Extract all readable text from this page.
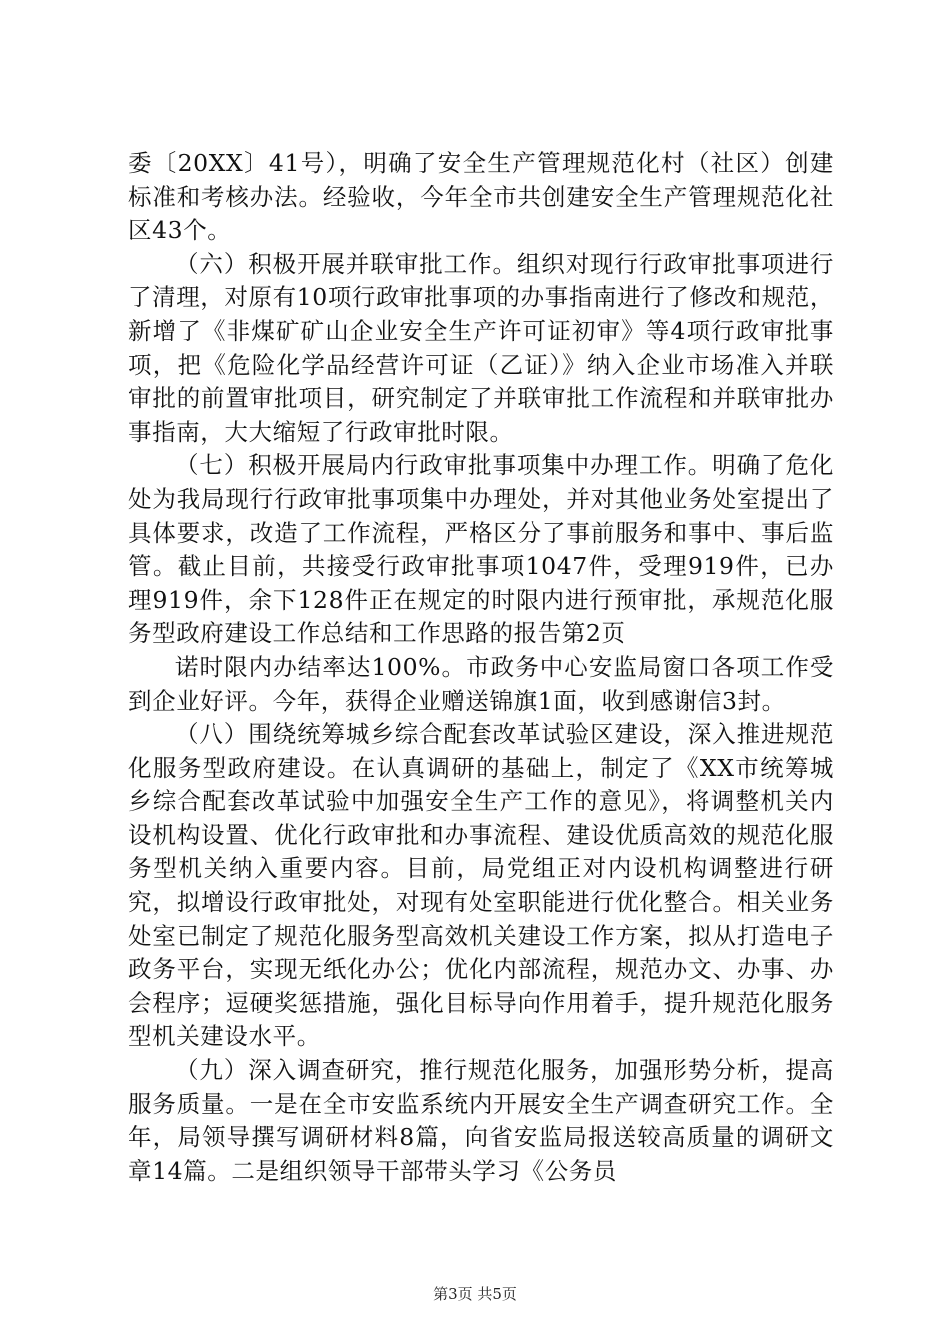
委〔20XX〕41号），明确了安全生产管理规范化村（社区）创建标准和考核办法。经验收，今年全市共创建安全生产管理规范化社区43个。

（六）积极开展并联审批工作。组织对现行行政审批事项进行了清理，对原有10项行政审批事项的办事指南进行了修改和规范，新增了《非煤矿矿山企业安全生产许可证初审》等4项行政审批事项，把《危险化学品经营许可证（乙证）》纳入企业市场准入并联审批的前置审批项目，研究制定了并联审批工作流程和并联审批办事指南，大大缩短了行政审批时限。

（七）积极开展局内行政审批事项集中办理工作。明确了危化处为我局现行行政审批事项集中办理处，并对其他业务处室提出了具体要求，改造了工作流程，严格区分了事前服务和事中、事后监管。截止目前，共接受行政审批事项1047件，受理919件，已办理919件，余下128件正在规定的时限内进行预审批，承规范化服务型政府建设工作总结和工作思路的报告第2页

诺时限内办结率达100%。市政务中心安监局窗口各项工作受到企业好评。今年，获得企业赠送锦旗1面，收到感谢信3封。

（八）围绕统筹城乡综合配套改革试验区建设，深入推进规范化服务型政府建设。在认真调研的基础上，制定了《XX市统筹城乡综合配套改革试验中加强安全生产工作的意见》，将调整机关内设机构设置、优化行政审批和办事流程、建设优质高效的规范化服务型机关纳入重要内容。目前，局党组正对内设机构调整进行研究，拟增设行政审批处，对现有处室职能进行优化整合。相关业务处室已制定了规范化服务型高效机关建设工作方案，拟从打造电子政务平台，实现无纸化办公；优化内部流程，规范办文、办事、办会程序；逗硬奖惩措施，强化目标导向作用着手，提升规范化服务型机关建设水平。

（九）深入调查研究，推行规范化服务，加强形势分析，提高服务质量。一是在全市安监系统内开展安全生产调查研究工作。全年，局领导撰写调研材料8篇，向省安监局报送较高质量的调研文章14篇。二是组织领导干部带头学习《公务员

第3页 共5页
